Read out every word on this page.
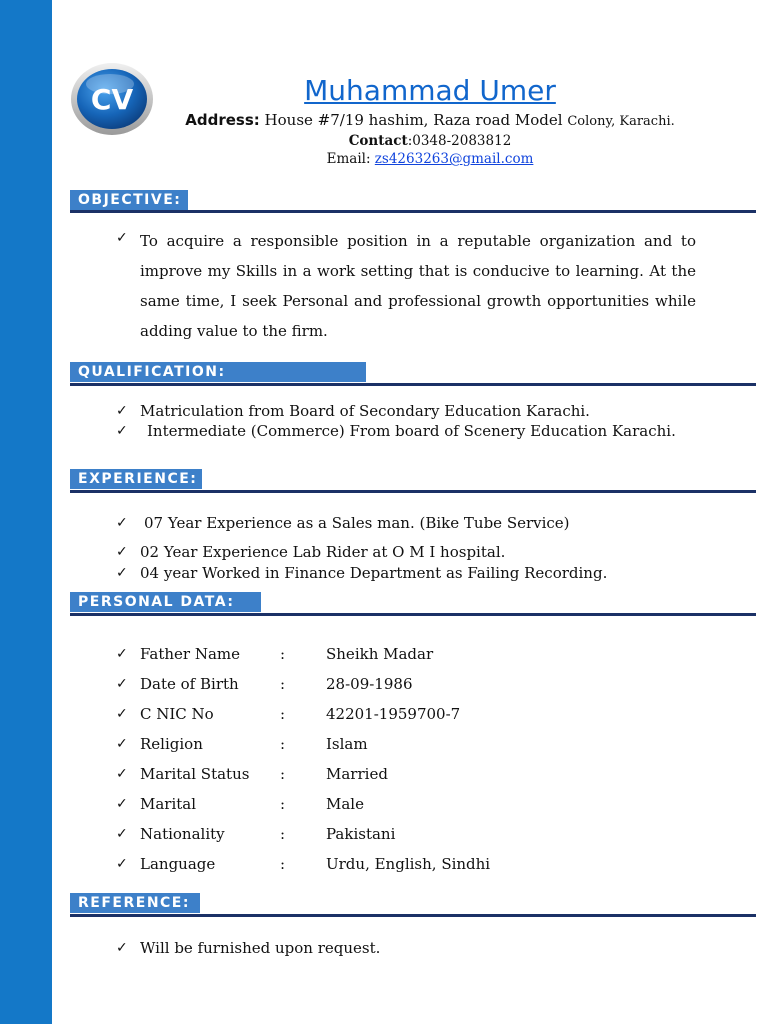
CV	Muhammad Umer
Address: House #7/19 hashim, Raza road Model Colony, Karachi.
Contact:0348-2083812
Email: zs4263263@gmail.com
OBJECTIVE:
✓ To acquire a responsible position in a reputable organization and to improve my Skills in a work setting that is conducive to learning. At the same time, I seek Personal and professional growth opportunities while adding value to the firm.
QUALIFICATION:
✓ Matriculation from Board of Secondary Education Karachi.
✓ Intermediate (Commerce) From board of Scenery Education Karachi.
EXPERIENCE:
✓ 07 Year Experience as a Sales man. (Bike Tube Service)
✓ 02 Year Experience Lab Rider at O M I hospital.
✓ 04 year Worked in Finance Department as Failing Recording.
PERSONAL DATA:
✓ Father Name	:	Sheikh Madar
✓ Date of Birth	:	28-09-1986
✓ C NIC No	:	42201-1959700-7
✓ Religion	:	Islam
✓ Marital Status :	Married
✓ Marital	:	Male
✓ Nationality	:	Pakistani
✓ Language	:	Urdu, English, Sindhi
REFERENCE:
✓ Will be furnished upon request.
